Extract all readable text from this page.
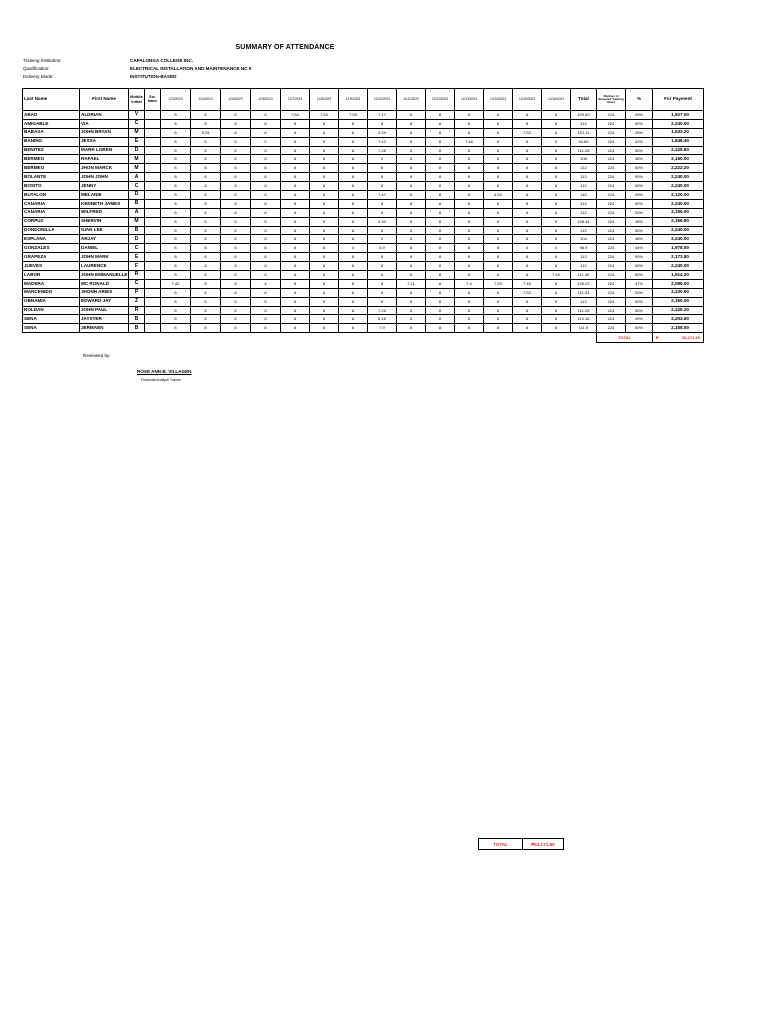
SUMMARY OF ATTENDANCE
Training Institution:	CAPALONGA COLLEGE INC.
Qualification:	ELECTRICAL INSTALLATION AND MAINTENANCE NC II
Delivery Mode:	INSTITUTION-BASED
Last Name	First Name	Middle Initial	Ext. Name	12/3/2023	12/4/2023	12/5/2023	12/6/2023	12/7/2023	12/8/2023	12/9/2023	12/10/2023	12/11/2023	12/12/2023	12/13/2023	12/14/2023	12/15/2023	12/16/2023	Total	Number of Required Training Hours	%	For Payment
ABAD	ALDRIAN	V		8	8	8	8	7.54	7.53	7.59	7.17	8	8	8	8	8	8	109.83	224	49%	1,927.00
AMIGABLE	VIA	C		8	8	8	8	8	8	8	8	8	8	8	8	8	8	112	224	50%	2,240.00
BABASA	JOHN BRYAN	M		8	5.29	8	8	8	8	8	4.29	8	8	8	8	7.53	8	101.11	224	45%	1,533.20
BANING	JESSA	E		8	8	8	0	8	8	8	7.43	8	8	7.46	8	8	0	94.89	224	42%	1,848.40
BENITEZ	MARK LOREN	D		8	8	8	8	8	8	8	7.28	8	8	8	8	8	8	111.28	224	50%	2,225.60
BERMEO	RAFAEL	M		8	8	8	8	8	8	8	4	8	8	8	8	8	8	108	224	48%	2,160.00
BERMEO	JHON MARCK	M		8	8	8	8	8	8	8	8	8	8	8	8	8	8	112	224	50%	2,222.20
BOLANTE	JOHN JOHN	A		8	8	8	8	8	8	8	8	8	8	8	8	8	8	112	224	50%	2,240.00
BOSITO	JENNY	C		8	8	8	8	8	8	8	8	8	8	8	8	8	8	112	224	50%	2,240.00
BUTALON	MELANIE	D		8	8	8	8	8	8	8	7.47	8	8	8	6.53	8	8	110	224	49%	2,120.00
CANARIA	KENNETH JAMES	B		8	8	8	8	8	8	8	8	8	8	8	8	8	8	112	224	50%	2,240.00
CANARIA	WILFRED	A		8	8	8	8	8	8	8	8	8	8	8	8	8	8	112	224	50%	2,156.00
CORPUZ	SHERVIN	M		8	8	8	8	8	8	8	4.34	8	8	8	8	8	8	108.34	224	48%	2,166.80
DONDONILLA	GIAN LEE	B		8	8	8	8	8	8	8	8	8	8	8	8	8	8	112	224	50%	2,240.00
ESPLANA	ARJAY	D		8	8	8	8	8	8	8	0	8	8	8	8	8	8	104	224	46%	2,240.00
GONZALES	DANIEL	C		8	8	8	8	8	8	4	6.9	8	8	8	8	4	4	98.9	224	44%	1,978.00
GRAPEZA	JOHN MARK	E		8	8	8	8	8	8	8	8	8	8	8	8	8	8	112	224	50%	2,173.80
JUEVES	LAURENCE	F		8	8	8	8	8	8	8	8	8	8	8	8	8	8	112	224	50%	2,240.00
LABOR	JOHN EMMANUELLE	R		8	8	8	8	8	8	8	8	8	8	8	8	8	7.49	111.49	224	50%	1,914.20
MADERA	MC RONALD	C		7.42	8	8	4	8	8	8	8	7.21	8	7.4	7.53	7.46	8	105.02	224	47%	2,089.00
MANCENIDO	JHONN ARIES	P		8	8	8	8	8	8	8	8	8	8	8	8	7.53	8	111.53	224	50%	2,230.60
OBNAMIA	EDWARD JAY	Z		8	8	8	8	8	8	8	8	8	8	8	8	8	8	112	224	50%	2,160.00
ROLDAN	JOHN PAUL	R		8	8	8	8	8	8	8	7.26	8	8	8	8	8	8	111.26	224	50%	2,225.20
SENA	JAYSTER	B		8	8	8	8	8	8	8	6.18	8	8	8	8	8	8	110.18	224	49%	2,203.60
SENA	JERMAEN	B		8	8	8	8	8	8	8	7.9	8	8	8	8	8	8	111.9	224	50%	2,158.00
																			TOTAL		₱ 53,171.60
Reviewed by:
ROSE ANN B. VILLAGEN
Financial Analyst/ Trainer
TOTAL	₱53,171.60
